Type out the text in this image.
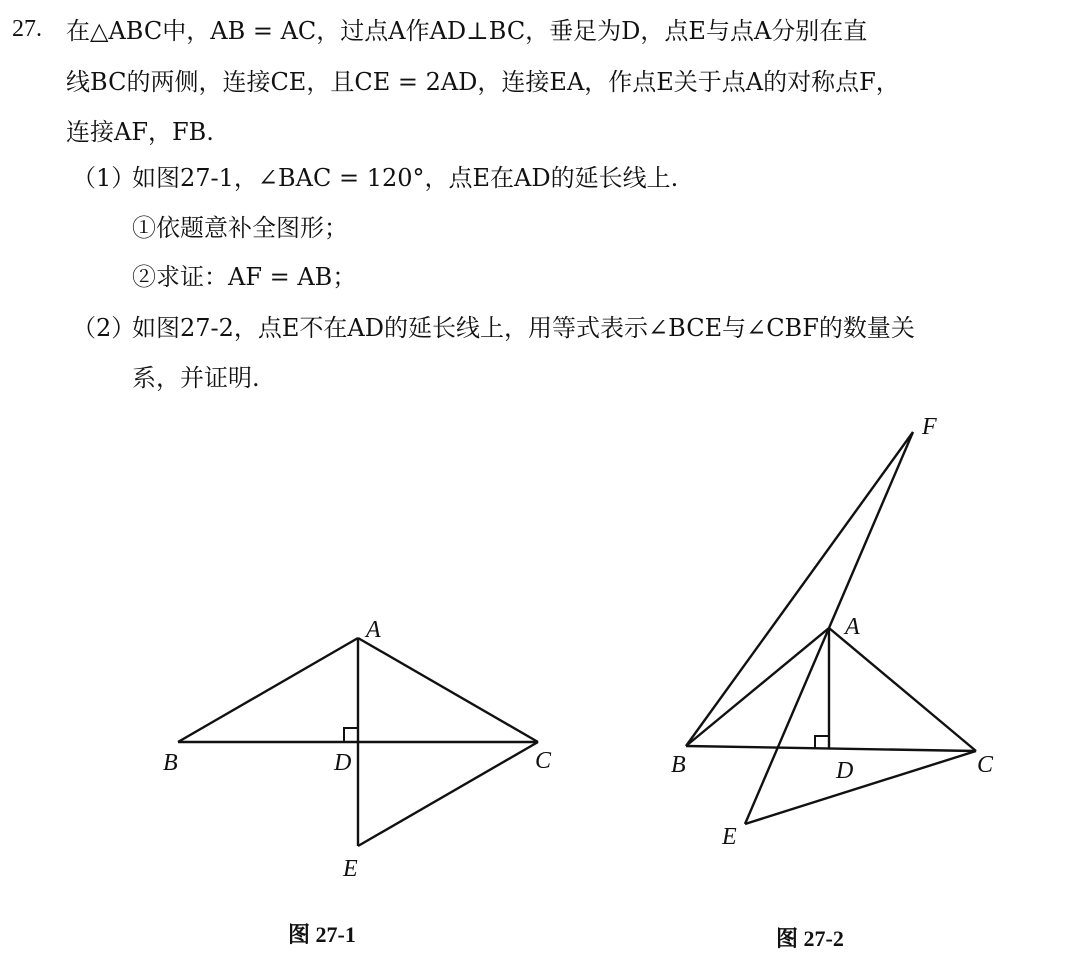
27. 在△ABC中，AB = AC，过点A作AD⊥BC，垂足为D，点E与点A分别在直
线BC的两侧，连接CE，且CE = 2AD，连接EA，作点E关于点A的对称点F，
连接AF，FB.
（1）
如图27-1，∠BAC = 120°，点E在AD的延长线上.
①依题意补全图形；
②求证：AF = AB；
（2）
如图27-2，点E不在AD的延长线上，用等式表示∠BCE与∠CBF的数量关
系，并证明.
A
B	C
D
E
A
B	C
D
E
F
图 27-1	图 27-2
